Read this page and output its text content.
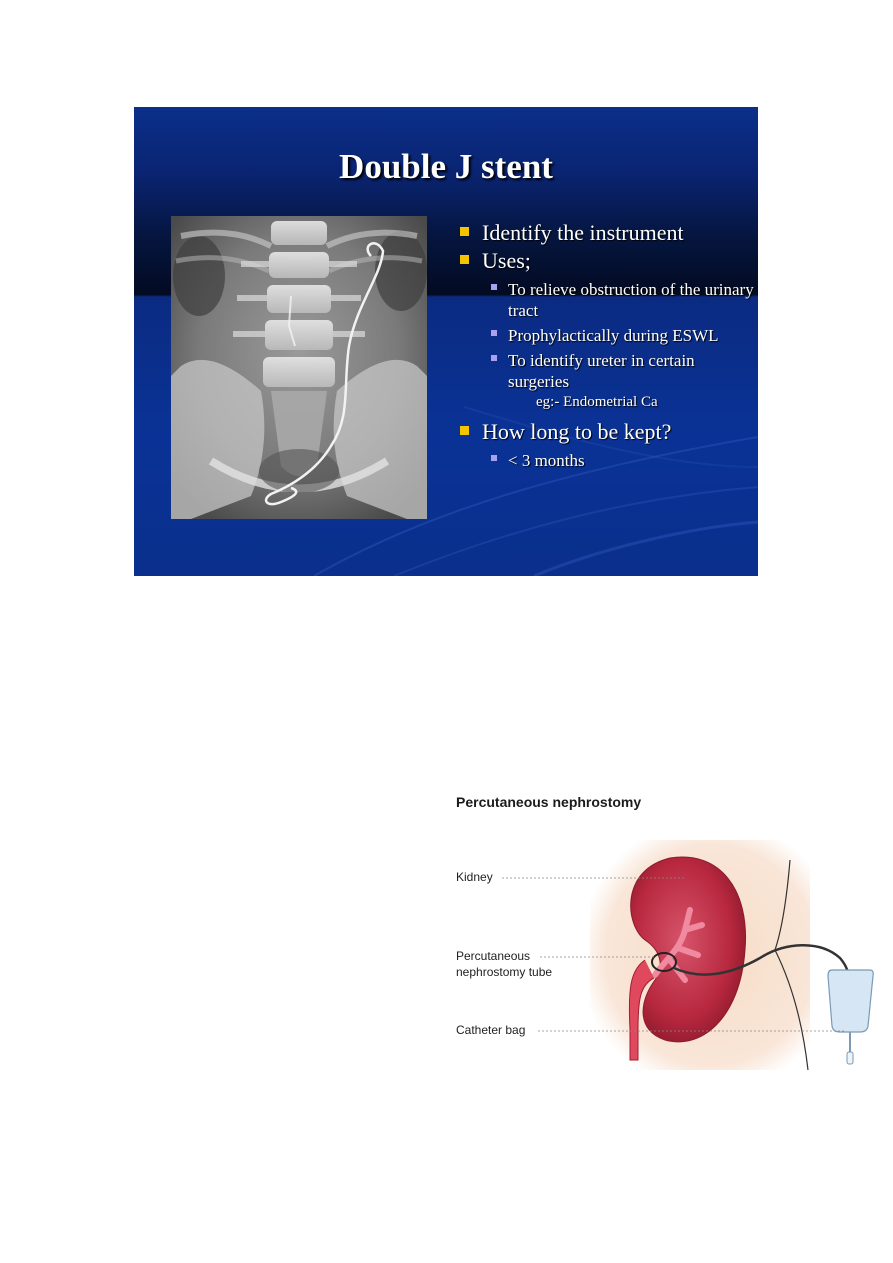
Double J stent
Identify the instrument
Uses;
To relieve obstruction of the urinary tract
Prophylactically during ESWL
To identify ureter in certain surgeries
eg:- Endometrial Ca
How long to be kept?
< 3 months
Percutaneous nephrostomy
Kidney
Percutaneous
nephrostomy tube
Catheter bag
